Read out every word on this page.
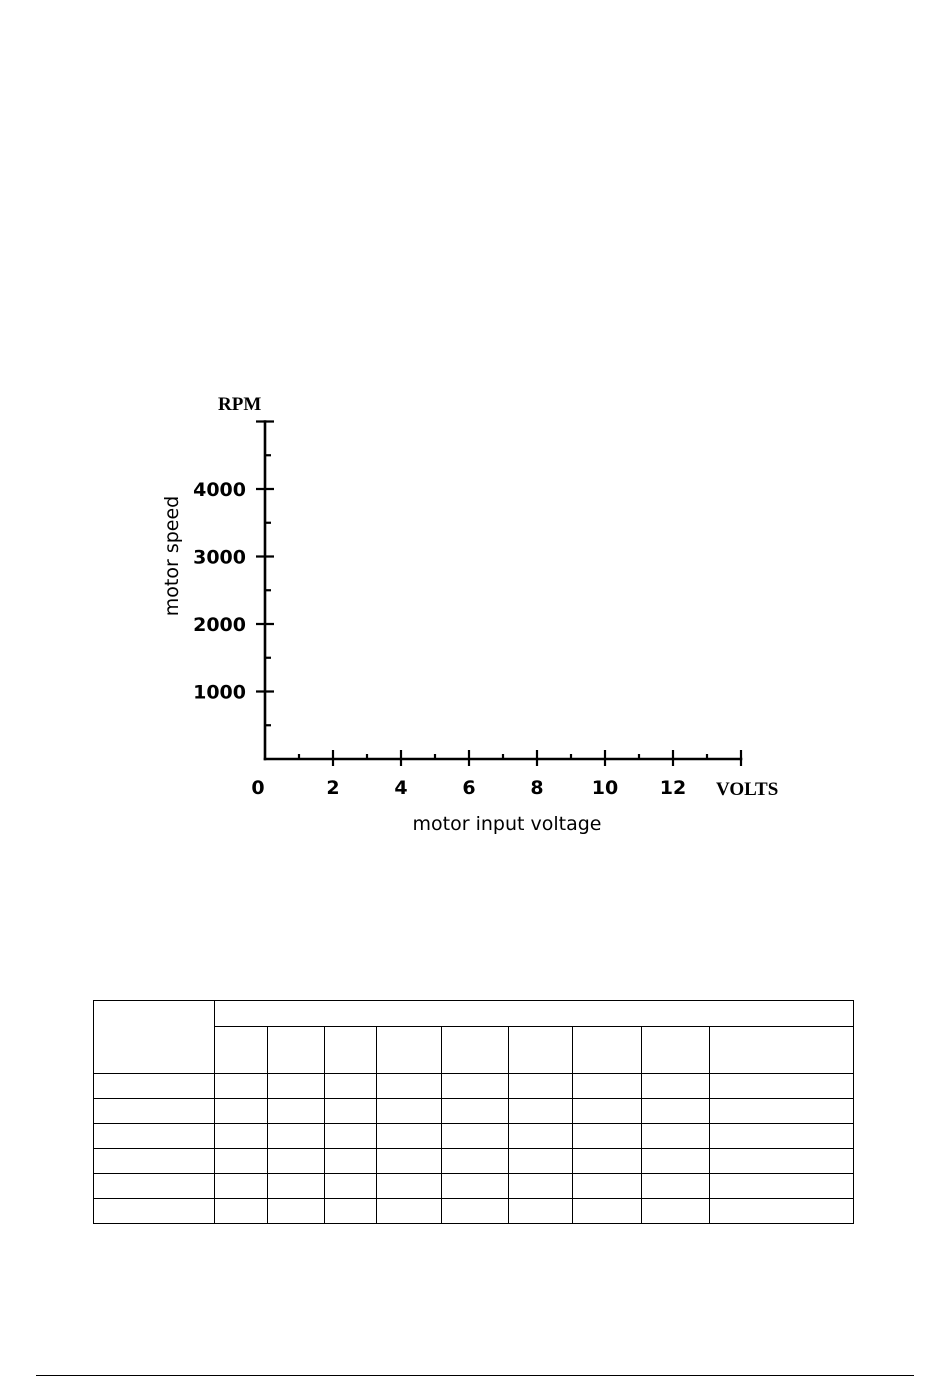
0	2	4	6	8	10 12
1000
2000
3000
4000
RPM
VOLTS
motor input voltage
motor speed
